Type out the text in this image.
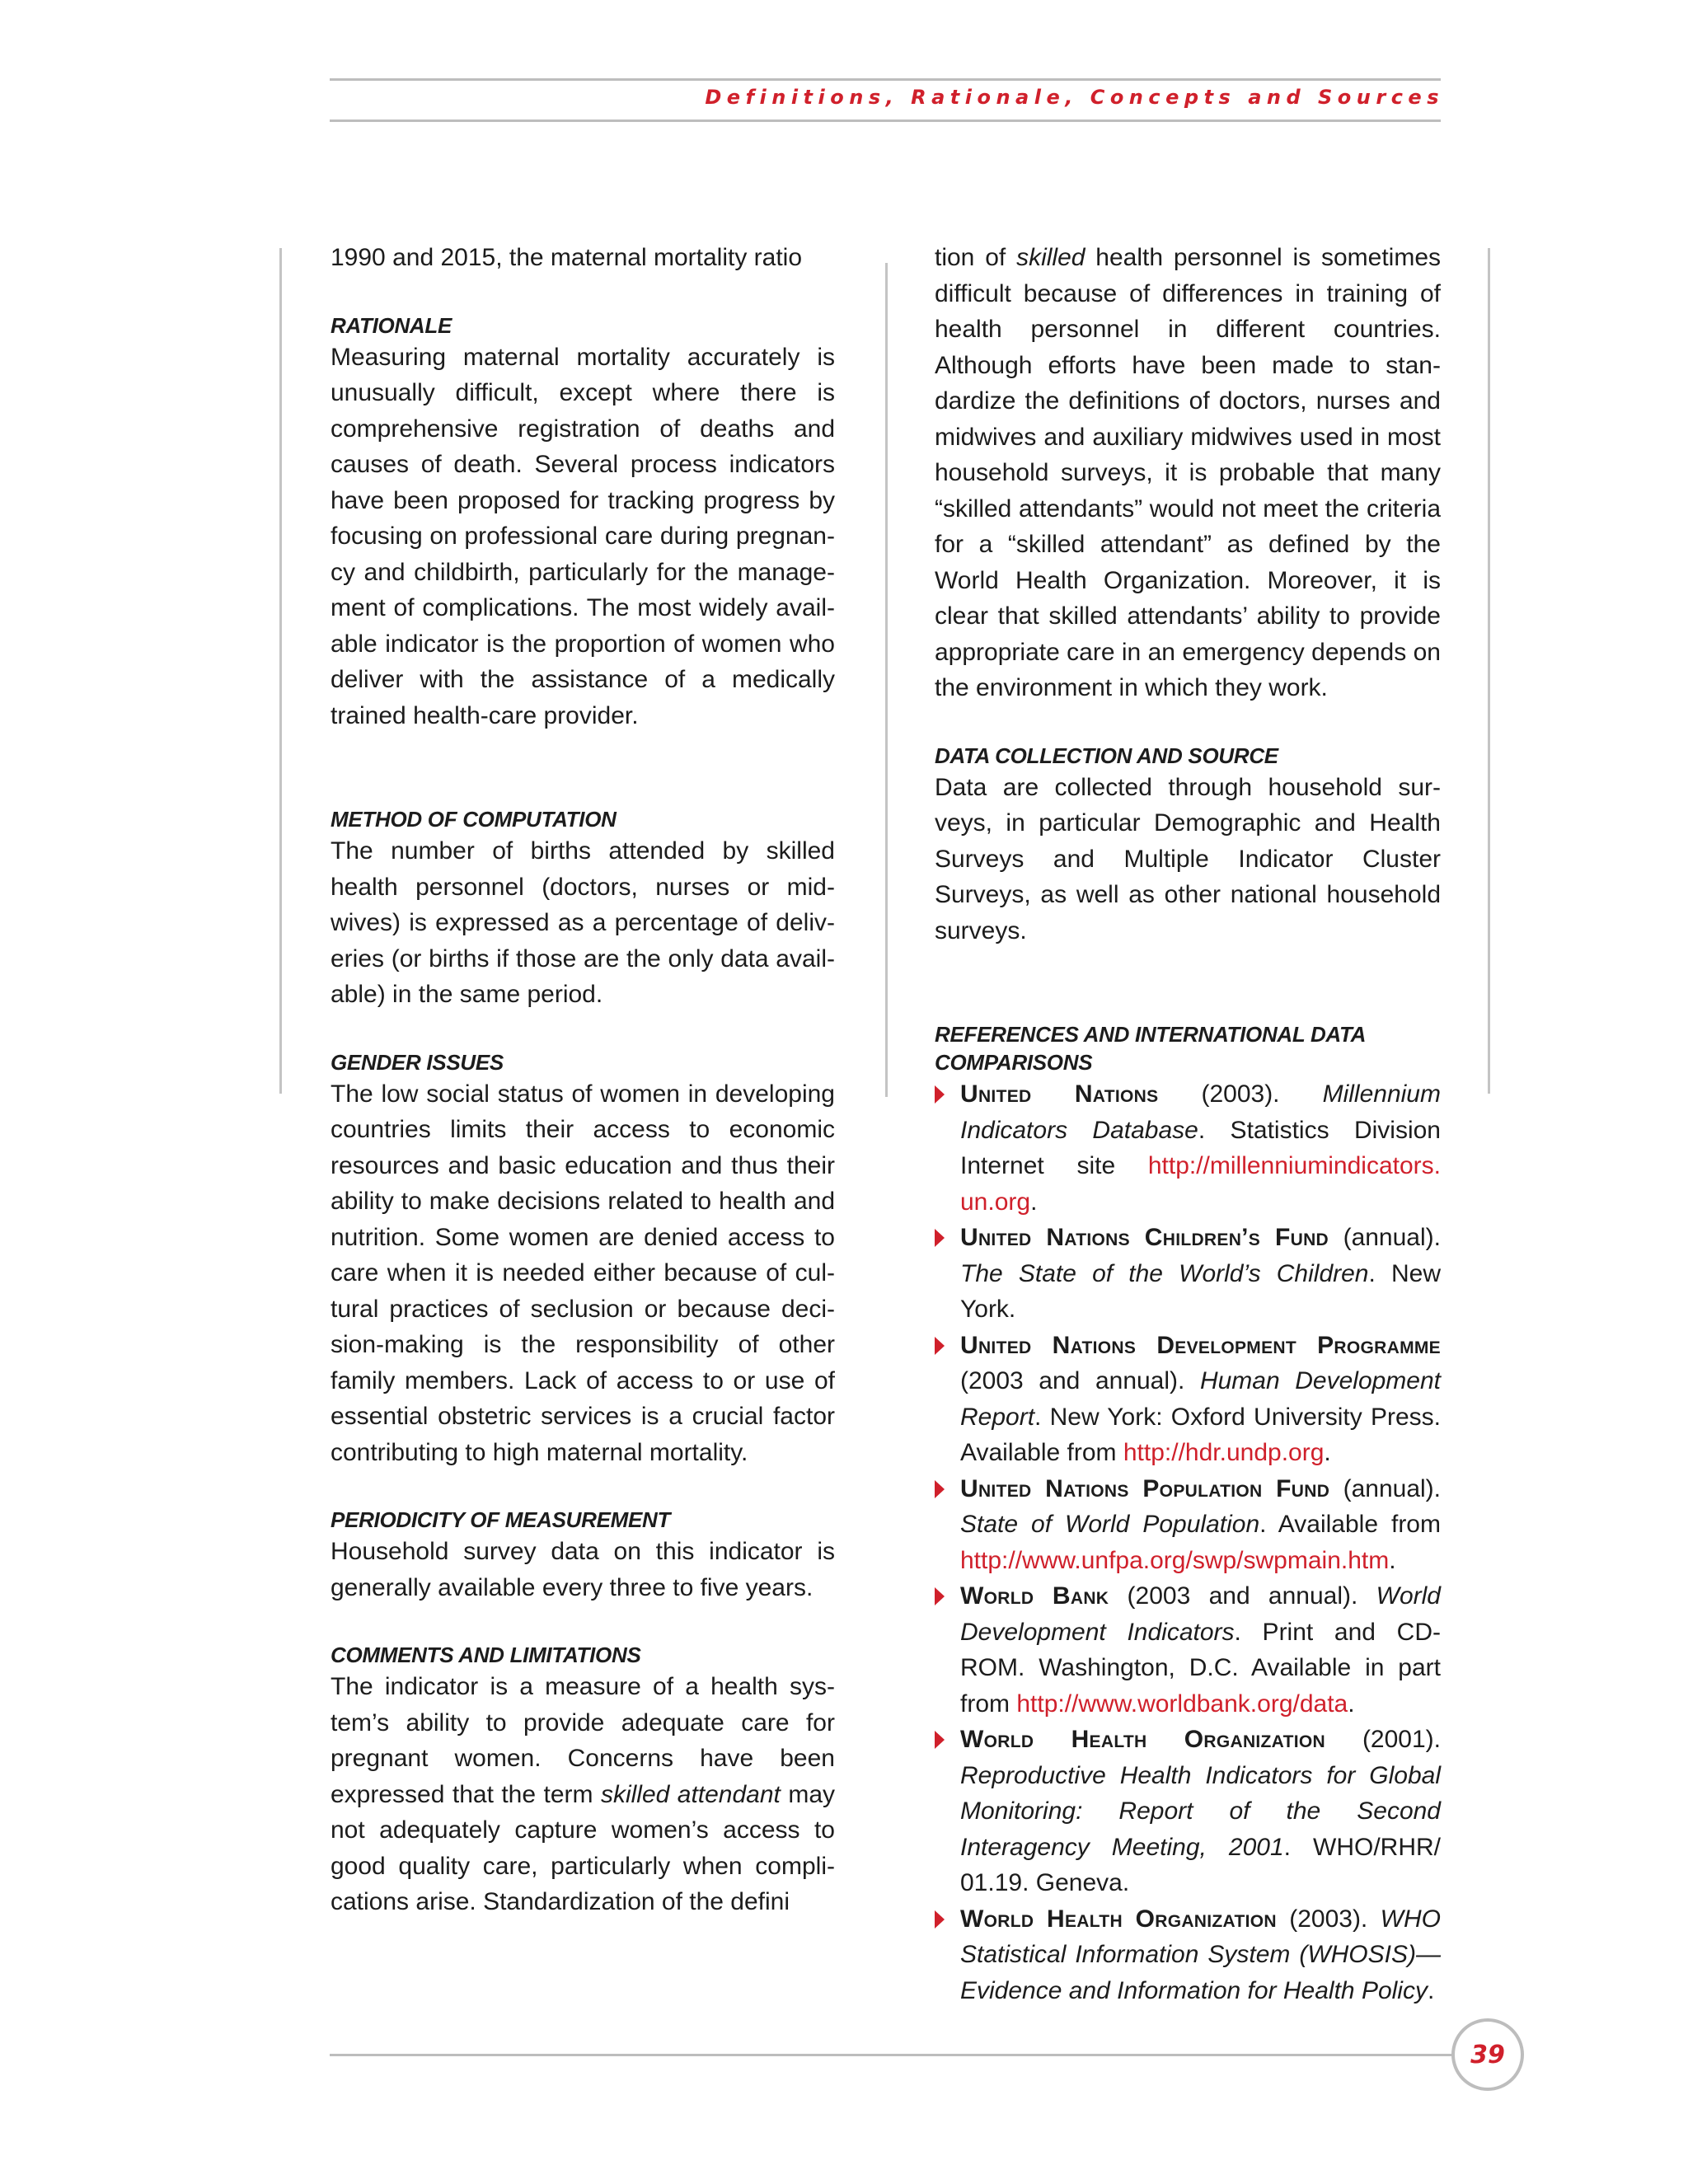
Definitions, Rationale, Concepts and Sources

1990 and 2015, the maternal mortality ratio

RATIONALE

Measuring maternal mortality accurately is unusually difficult, except where there is comprehensive registration of deaths and causes of death. Several process indicators have been proposed for tracking progress by focusing on professional care during pregnancy and childbirth, particularly for the management of complications. The most widely available indicator is the proportion of women who deliver with the assistance of a medically trained health-care provider.

METHOD OF COMPUTATION

The number of births attended by skilled health personnel (doctors, nurses or midwives) is expressed as a percentage of deliveries (or births if those are the only data available) in the same period.

GENDER ISSUES

The low social status of women in developing countries limits their access to economic resources and basic education and thus their ability to make decisions related to health and nutrition. Some women are denied access to care when it is needed either because of cultural practices of seclusion or because decision-making is the responsibility of other family members. Lack of access to or use of essential obstetric services is a crucial factor contributing to high maternal mortality.

PERIODICITY OF MEASUREMENT

Household survey data on this indicator is generally available every three to five years.

COMMENTS AND LIMITATIONS

The indicator is a measure of a health system’s ability to provide adequate care for pregnant women. Concerns have been expressed that the term skilled attendant may not adequately capture women’s access to good quality care, particularly when complications arise. Standardization of the defini

tion of skilled health personnel is sometimes difficult because of differences in training of health personnel in different countries. Although efforts have been made to standardize the definitions of doctors, nurses and midwives and auxiliary midwives used in most household surveys, it is probable that many “skilled attendants” would not meet the criteria for a “skilled attendant” as defined by the World Health Organization. Moreover, it is clear that skilled attendants’ ability to provide appropriate care in an emergency depends on the environment in which they work.

DATA COLLECTION AND SOURCE

Data are collected through household surveys, in particular Demographic and Health Surveys and Multiple Indicator Cluster Surveys, as well as other national household surveys.

REFERENCES AND INTERNATIONAL DATA
COMPARISONS
United Nations (2003). Millennium Indicators Database. Statistics Division Internet site http://millenniumindicators. un.org.
United Nations Children’s Fund (annual). The State of the World’s Children. New York.
United Nations Development Programme (2003 and annual). Human Development Report. New York: Oxford University Press. Available from http://hdr.undp.org.
United Nations Population Fund (annual). State of World Population. Available from http://www.unfpa.org/swp/swpmain.htm.
World Bank (2003 and annual). World Development Indicators. Print and CD-ROM. Washington, D.C. Available in part from http://www.worldbank.org/data.
World Health Organization (2001). Reproductive Health Indicators for Global Monitoring: Report of the Second Interagency Meeting, 2001. WHO/RHR/ 01.19. Geneva.
World Health Organization (2003). WHO Statistical Information System (WHOSIS)—Evidence and Information for Health Policy.
39
